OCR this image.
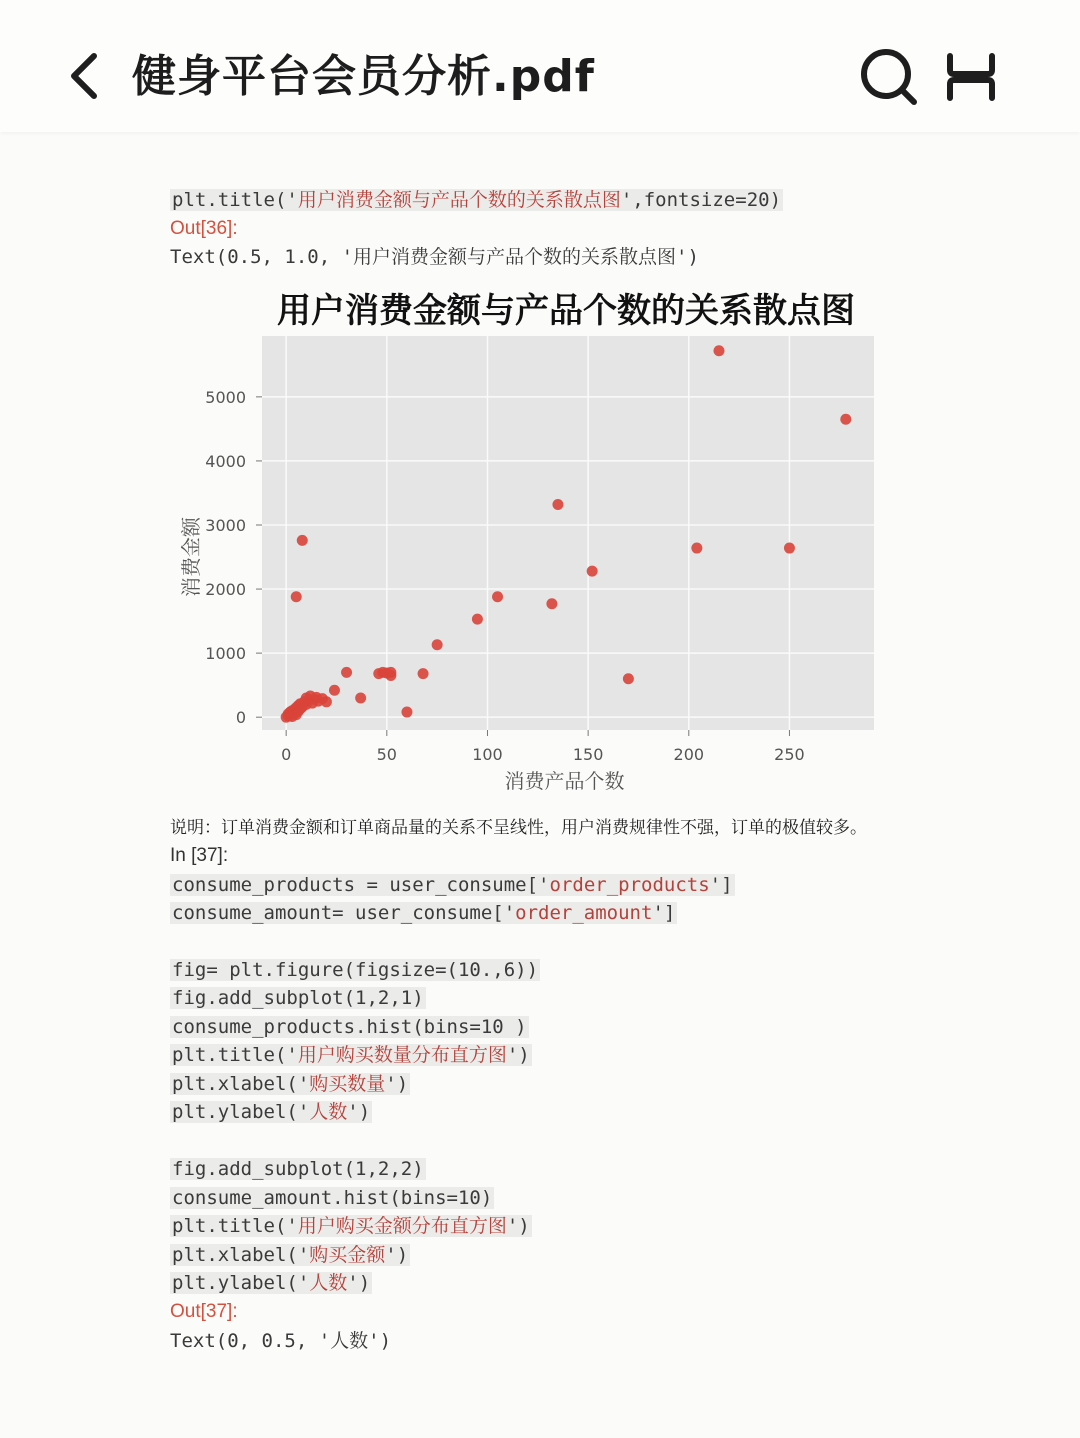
健身平台会员分析.pdf
plt.title('用户消费金额与产品个数的关系散点图',fontsize=20)
Out[36]:
Text(0.5, 1.0, '用户消费金额与产品个数的关系散点图')
用户消费金额与产品个数的关系散点图
0	50	100	150	200	250
0
1000
2000
3000
4000
5000
消费产品个数
消费金额
说明：订单消费金额和订单商品量的关系不呈线性，用户消费规律性不强，订单的极值较多。
In [37]:
consume_products = user_consume['order_products']
consume_amount= user_consume['order_amount']
fig= plt.figure(figsize=(10.,6))
fig.add_subplot(1,2,1)
consume_products.hist(bins=10 )
plt.title('用户购买数量分布直方图')
plt.xlabel('购买数量')
plt.ylabel('人数')
fig.add_subplot(1,2,2)
consume_amount.hist(bins=10)
plt.title('用户购买金额分布直方图')
plt.xlabel('购买金额')
plt.ylabel('人数')
Out[37]:
Text(0, 0.5, '人数')
